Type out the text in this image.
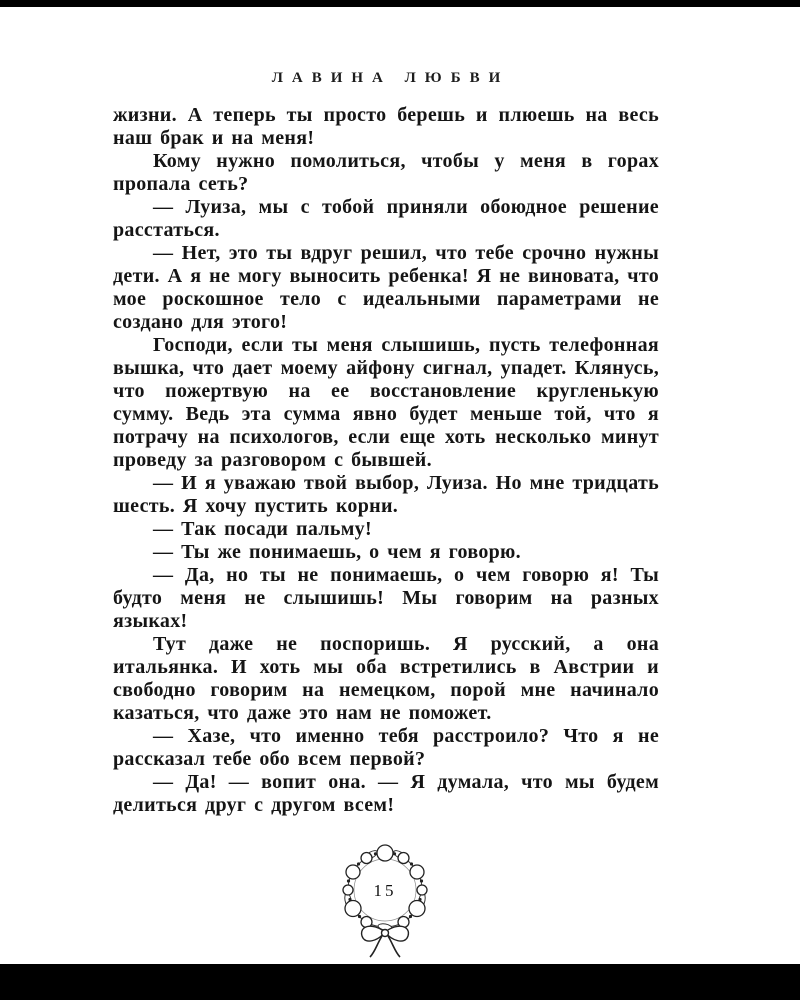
ЛАВИНА ЛЮБВИ

жизни. А теперь ты просто берешь и плюешь на весь наш брак и на меня!

Кому нужно помолиться, чтобы у меня в горах пропала сеть?

— Луиза, мы с тобой приняли обоюдное решение расстаться.

— Нет, это ты вдруг решил, что тебе срочно нужны дети. А я не могу выносить ребенка! Я не виновата, что мое роскошное тело с идеальными параметрами не создано для этого!

Господи, если ты меня слышишь, пусть телефонная вышка, что дает моему айфону сигнал, упадет. Клянусь, что пожертвую на ее восстановление кругленькую сумму. Ведь эта сумма явно будет меньше той, что я потрачу на психологов, если еще хоть несколько минут проведу за разговором с бывшей.

— И я уважаю твой выбор, Луиза. Но мне тридцать шесть. Я хочу пустить корни.

— Так посади пальму!

— Ты же понимаешь, о чем я говорю.

— Да, но ты не понимаешь, о чем говорю я! Ты будто меня не слышишь! Мы говорим на разных языках!

Тут даже не поспоришь. Я русский, а она итальянка. И хоть мы оба встретились в Австрии и свободно говорим на немецком, порой мне начинало казаться, что даже это нам не поможет.

— Хазе, что именно тебя расстроило? Что я не рассказал тебе обо всем первой?

— Да! — вопит она. — Я думала, что мы будем делиться друг с другом всем!

15
